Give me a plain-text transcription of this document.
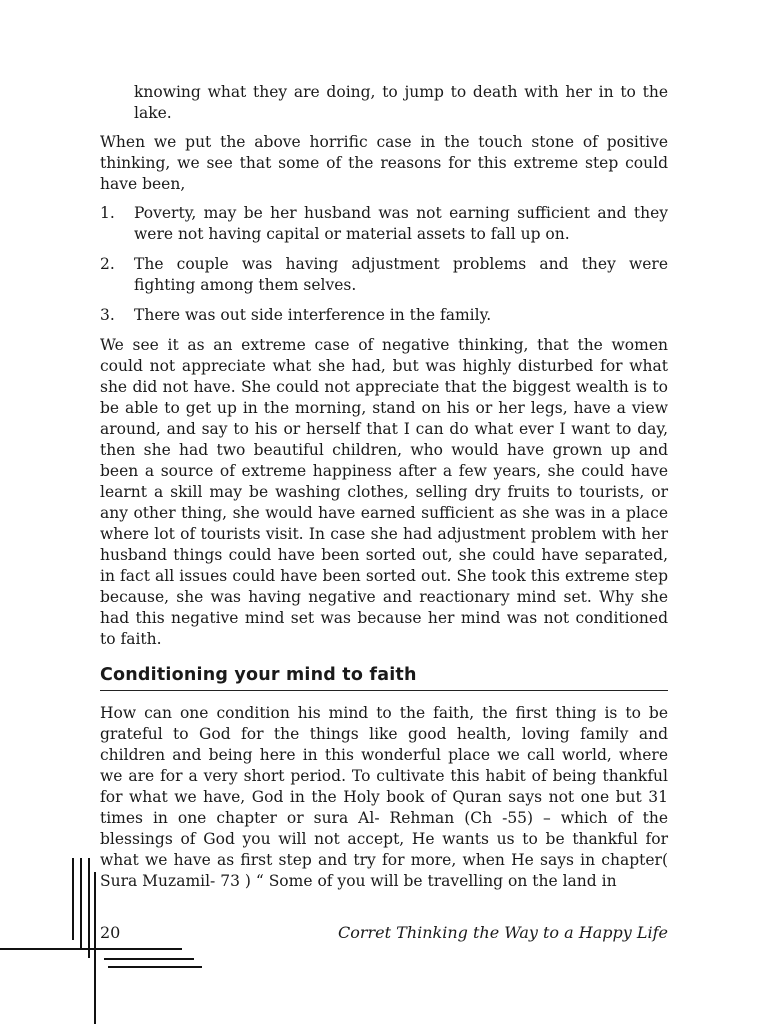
knowing what they are doing, to jump to death with her in to the lake.

When we put the above horrific case in the touch stone of positive thinking, we see that some of the reasons for this extreme step could have been,

1. Poverty, may be her husband was not earning sufficient and they were not having capital or material assets to fall up on.
2. The couple was having adjustment problems and they were fighting among them selves.
3. There was out side interference in the family.

We see it as an extreme case of negative thinking, that the women could not appreciate what she had, but was highly disturbed for what she did not have. She could not appreciate that the biggest wealth is to be able to get up in the morning, stand on his or her legs, have a view around, and say to his or herself that I can do what ever I want to day, then she had two beautiful children, who would have grown up and been a source of extreme happiness after a few years, she could have learnt a skill may be washing clothes, selling dry fruits to tourists, or any other thing, she would have earned sufficient as she was in a place where lot of tourists visit. In case she had adjustment problem with her husband things could have been sorted out, she could have separated, in fact all issues could have been sorted out. She took this extreme step because, she was having negative and reactionary mind set. Why she had this negative mind set was because her mind was not conditioned to faith.

Conditioning your mind to faith

How can one condition his mind to the faith, the first thing is to be grateful to God for the things like good health, loving family and children and being here in this wonderful place we call world, where we are for a very short period. To cultivate this habit of being thankful for what we have, God in the Holy book of Quran says not one but 31 times in one chapter or sura Al- Rehman (Ch -55) – which of the blessings of God you will not accept, He wants us to be thankful for what we have as first step and try for more, when He says in chapter( Sura Muzamil- 73 ) “ Some of you will be travelling on the land in

20	Corret Thinking the Way to a Happy Life
